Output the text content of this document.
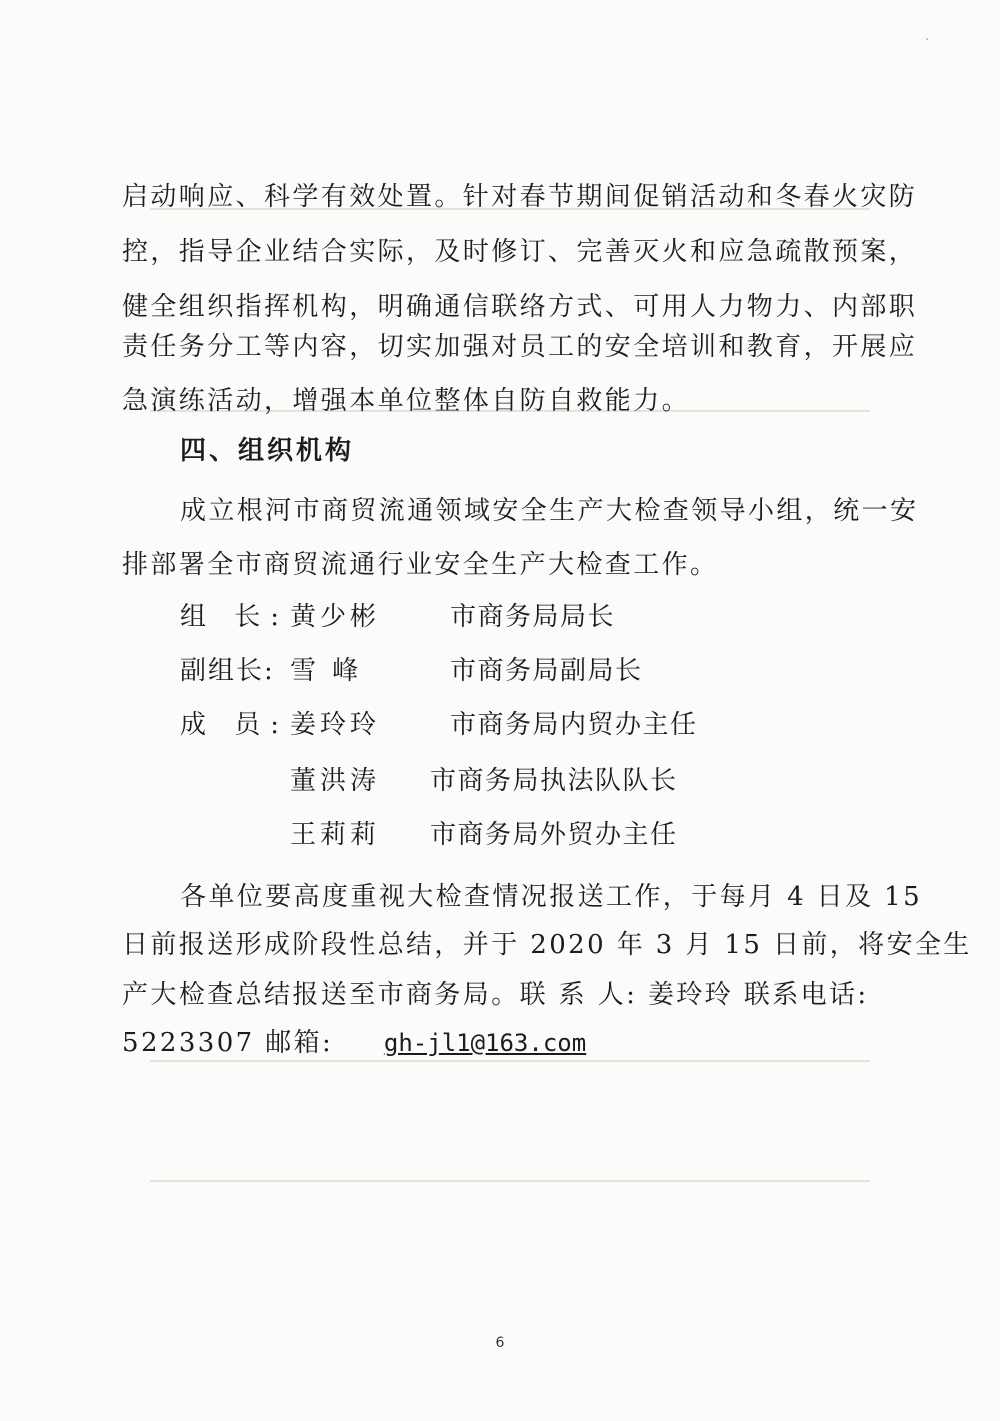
·
启动响应、科学有效处置。针对春节期间促销活动和冬春火灾防
控，指导企业结合实际，及时修订、完善灭火和应急疏散预案，
健全组织指挥机构，明确通信联络方式、可用人力物力、内部职
责任务分工等内容，切实加强对员工的安全培训和教育，开展应
急演练活动，增强本单位整体自防自救能力。
四、组织机构
成立根河市商贸流通领域安全生产大检查领导小组，统一安
排部署全市商贸流通行业安全生产大检查工作。
组 长:黄少彬	市商务局局长
副组长: 雪 峰	市商务局副局长
成 员:姜玲玲	市商务局内贸办主任
董洪涛 市商务局执法队队长
王莉莉 市商务局外贸办主任
各单位要高度重视大检查情况报送工作，于每月 4 日及 15
日前报送形成阶段性总结，并于 2020 年 3 月 15 日前，将安全生
产大检查总结报送至市商务局。联 系 人: 姜玲玲 联系电话:
5223307 邮箱: gh-jl1@163.com
6
